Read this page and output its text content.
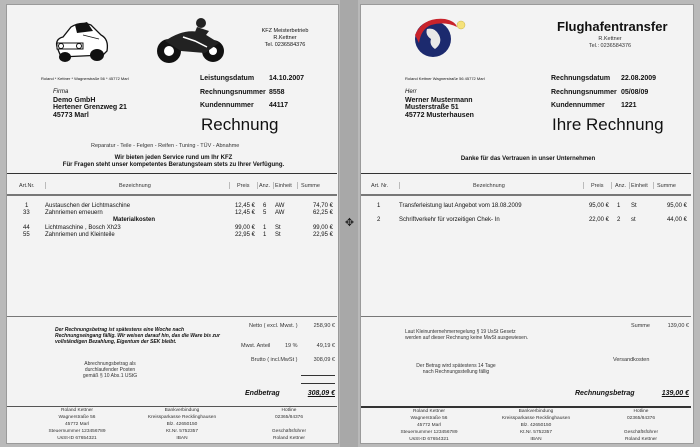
✥
KFZ Meisterbetrieb
R.Kettner
Tel. 0236584376
Roland * Kettner * Wagnerstraße 56 * 45772 Marl
Firma
Demo GmbH
Hertener Grenzweg 21
45773 Marl
Leistungsdatum 14.10.2007
Rechnungsnummer 8558
Kundennummer 44117
Rechnung
Reparatur - Teile - Felgen - Reifen - Tuning - TÜV - Abnahme
Wir bieten jeden Service rund um Ihr KFZ
Für Fragen steht unser kompetentes Beratungsteam stets zu Ihrer Verfügung.
Art.Nr.	Bezeichnung	Preis Anz. Einheit Summe
1	Austauschen der Lichtmaschine	12,45 € 6 AW	74,70 €
33	Zahnriemen erneuern	12,45 € 5 AW	62,25 €
Materialkosten
44	Lichtmaschine , Bosch Xh23	99,00 € 1 St	99,00 €
55	Zahnriemen und Kleinteile	22,95 € 1 St	22,95 €
Der Rechnungsbetrag ist spätestens eine Woche nach Rechnungseingang fällig. Wir weisen darauf hin, das die Ware bis zur vollständigen Bezahlung, Eigentum der SEK bleibt.
Abrechnungsbetrag als
durchlaufender Posten
gemäß § 10 Abs.1 UStG
Netto ( excl. Mwst. )	258,90 €
Mwst. Anteil	19 %	49,19 €
Brutto ( incl.MwSt )	308,09 €
Endbetrag	308,09 €
Roland Kettner
Wagnerstraße 56
45772 Marl
Steuernummer 123456789
UsSt-ID 67654321
Bankverbindung
Kreissparkasse Recklinghausen
Blz. 42650150
Kt.Nr. 5752357
IBAN
Hotline
02365/84376

Geschäftsführer
Roland Kettner
Flughafentransfer
R.Kettner
Tel.: 0236584376
Roland Kettner Wagnerstraße 56 45772 Marl
Herr
Werner Mustermann
Musterstraße 51
45772 Musterhausen
Rechnungsdatum 22.08.2009
Rechnungsnummer 05/08/09
Kundennummer 1221
Ihre Rechnung
Danke für das Vertrauen in unser Unternehmen
Art. Nr.	Bezeichnung	Preis Anz. Einheit Summe
1	Transferleistung laut Angebot vom 18.08.2009	95,00 € 1 St	95,00 €
2	Schriftverkehr für vorzeitigen Chek- In	22,00 € 2 st	44,00 €
Laut Kleinunternehmerregelung § 19 UsSt Gesetz
werden auf dieser Rechnung keine MwSt ausgewiesen.
Der Betrag wird spätestens 14 Tage
nach Rechnungsstellung fällig
Summe	139,00 €
Versandkosten
Rechnungsbetrag	139,00 €
Roland Kettner
Wagnerstraße 56
45772 Marl
Steuernummer 123456789
UsSt-ID 67654321
Bankverbindung
Kreissparkasse Recklinghausen
Blz. 42650150
Kt.Nr. 5752357
IBAN
Hotline
02365/84376

Geschäftsführer
Roland Kettner
